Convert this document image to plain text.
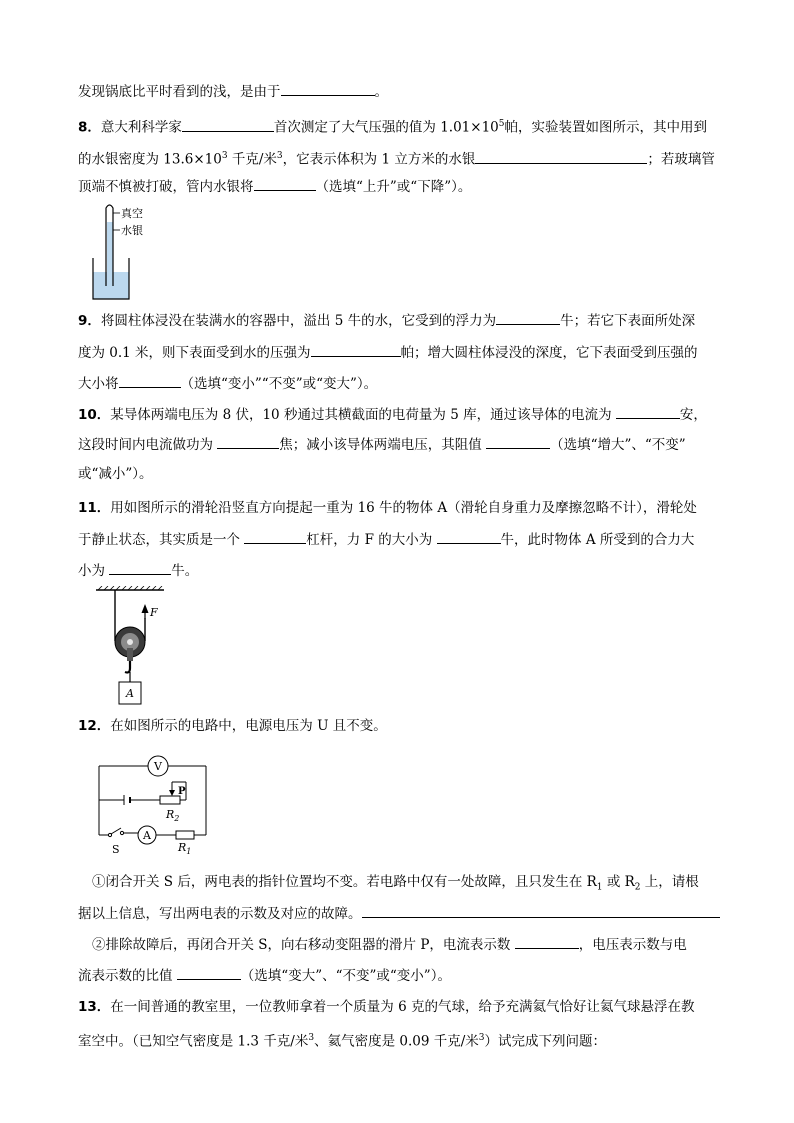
发现锅底比平时看到的浅，是由于	。
8．意大利科学家	首次测定了大气压强的值为 $1.01\times 10^5$帕，实验装置如图所示，其中用到
的水银密度为 $13.6\times 10^3$ 千克/米$^3$，它表示体积为 1 立方米的水银	；若玻璃管
顶端不慎被打破，管内水银将	（选填“上升”或“下降”）。
真空
水银
9．将圆柱体浸没在装满水的容器中，溢出 5 牛的水，它受到的浮力为	牛；若它下表面所处深
度为 0.1 米，则下表面受到水的压强为	帕；增大圆柱体浸没的深度，它下表面受到压强的
大小将	（选填“变小”“不变”或“变大”）。
10．某导体两端电压为 8 伏，10 秒通过其横截面的电荷量为 5 库，通过该导体的电流为	安，
这段时间内电流做功为	焦；减小该导体两端电压，其阻值	（选填“增大”、“不变”
或“减小”）。
11．用如图所示的滑轮沿竖直方向提起一重为 16 牛的物体 A（滑轮自身重力及摩擦忽略不计），滑轮处
于静止状态，其实质是一个	杠杆，力 F 的大小为	牛，此时物体 A 所受到的合力大
小为	牛。
F
A
12．在如图所示的电路中，电源电压为 U 且不变。
V
P
$R_2$
S
A
$R_1$
①闭合开关 S 后，两电表的指针位置均不变。若电路中仅有一处故障，且只发生在 $R_1$ 或 $R_2$ 上，请根
据以上信息，写出两电表的示数及对应的故障。
②排除故障后，再闭合开关 S，向右移动变阻器的滑片 P，电流表示数	，电压表示数与电
流表示数的比值	（选填“变大”、“不变”或“变小”）。
13．在一间普通的教室里，一位教师拿着一个质量为 6 克的气球，给予充满氦气恰好让氦气球悬浮在教
室空中。（已知空气密度是 1.3 千克/米$^3$、氦气密度是 0.09 千克/米$^3$）试完成下列问题：
